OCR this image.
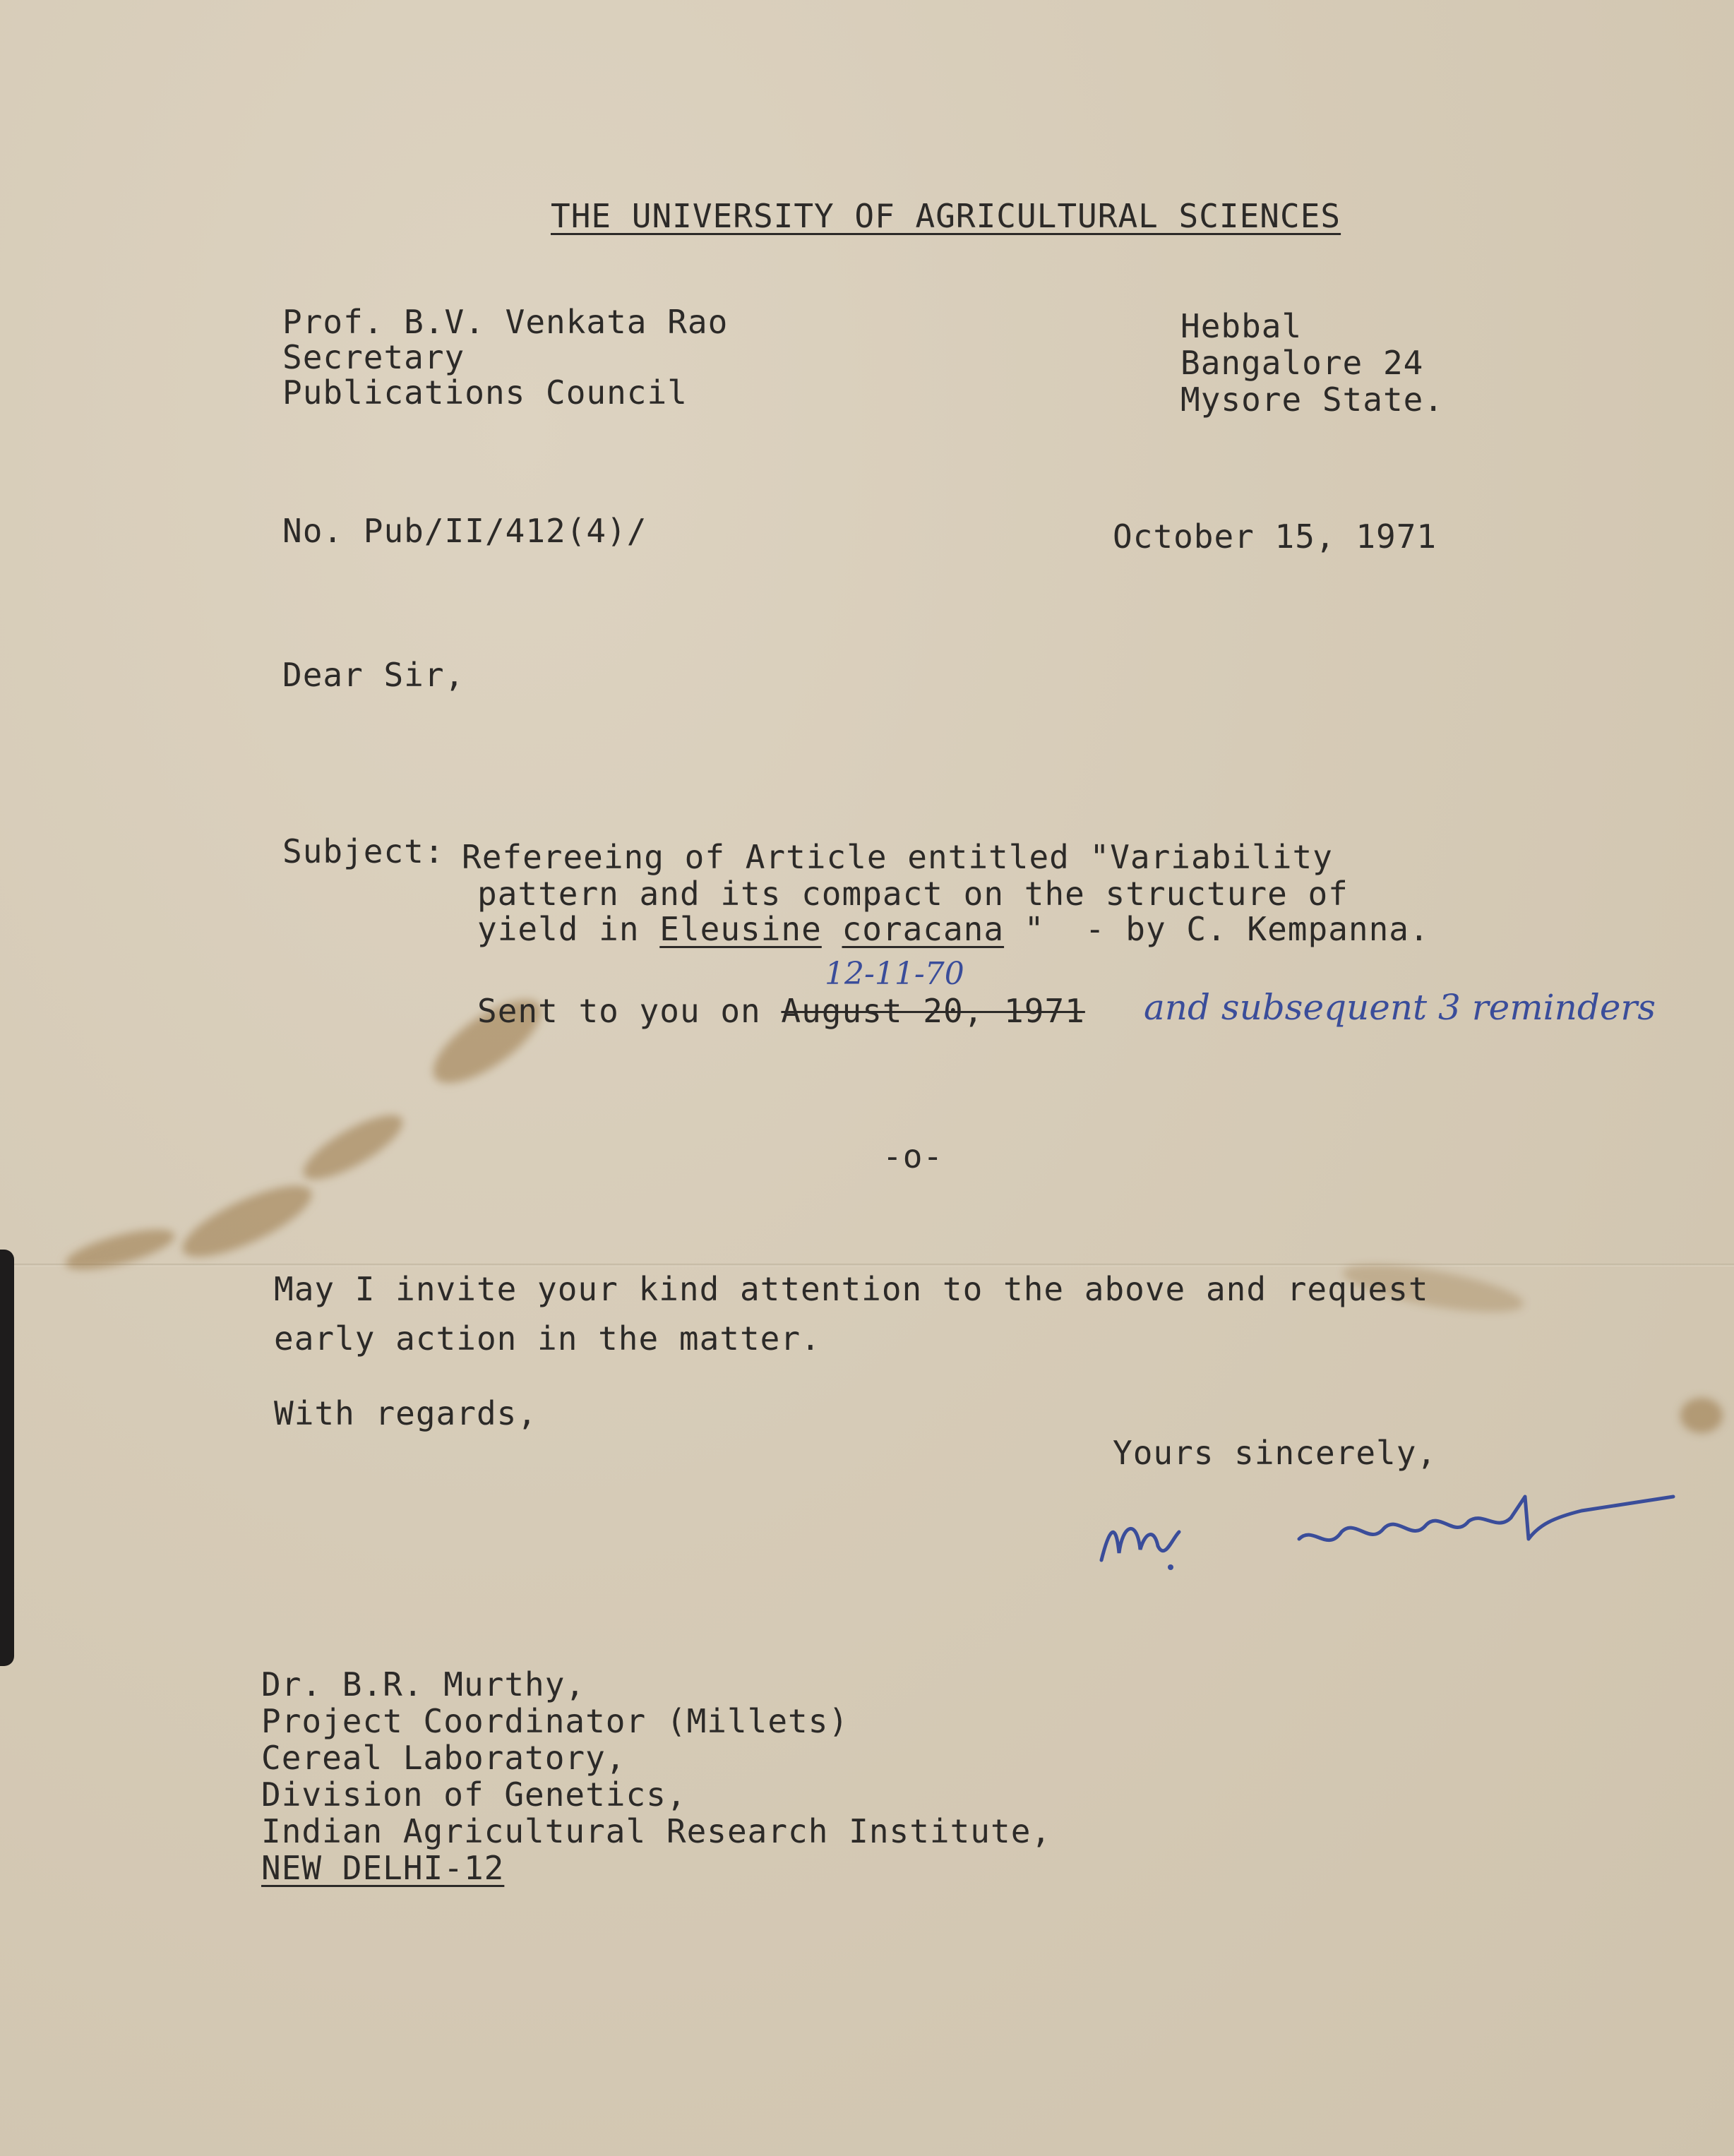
THE UNIVERSITY OF AGRICULTURAL SCIENCES
Prof. B.V. Venkata Rao
Secretary
Publications Council
Hebbal
Bangalore 24
Mysore State.
No. Pub/II/412(4)/	October 15, 1971
Dear Sir,
Subject: Refereeing of Article entitled "Variability
pattern and its compact on the structure of
yield in Eleusine coracana "  - by C. Kempanna.
12-11-70
Sent to you on August 20, 1971 and subsequent 3 reminders
-o-
May I invite your kind attention to the above and request
early action in the matter.
With regards,
Yours sincerely,
Dr. B.R. Murthy,
Project Coordinator (Millets)
Cereal Laboratory,
Division of Genetics,
Indian Agricultural Research Institute,
NEW DELHI-12
